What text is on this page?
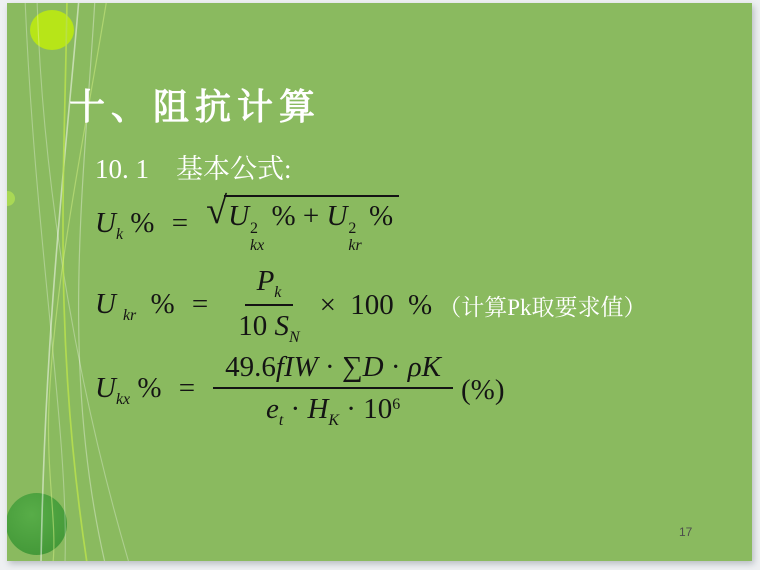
十、阻抗计算
10. 1　基本公式:
$U_k$ % = √ U 2
kx
% + U 2
kr
%
U $_{kr}$ % = $\frac{P_k}{10 S_N} \times 100$ % （计算Pk取要求值）
$U_{kx}$ % = $\frac{\text{49.6fIW · ∑D · ρK}}{e_t \cdot H_K \cdot 10^6}$ (%)
17
